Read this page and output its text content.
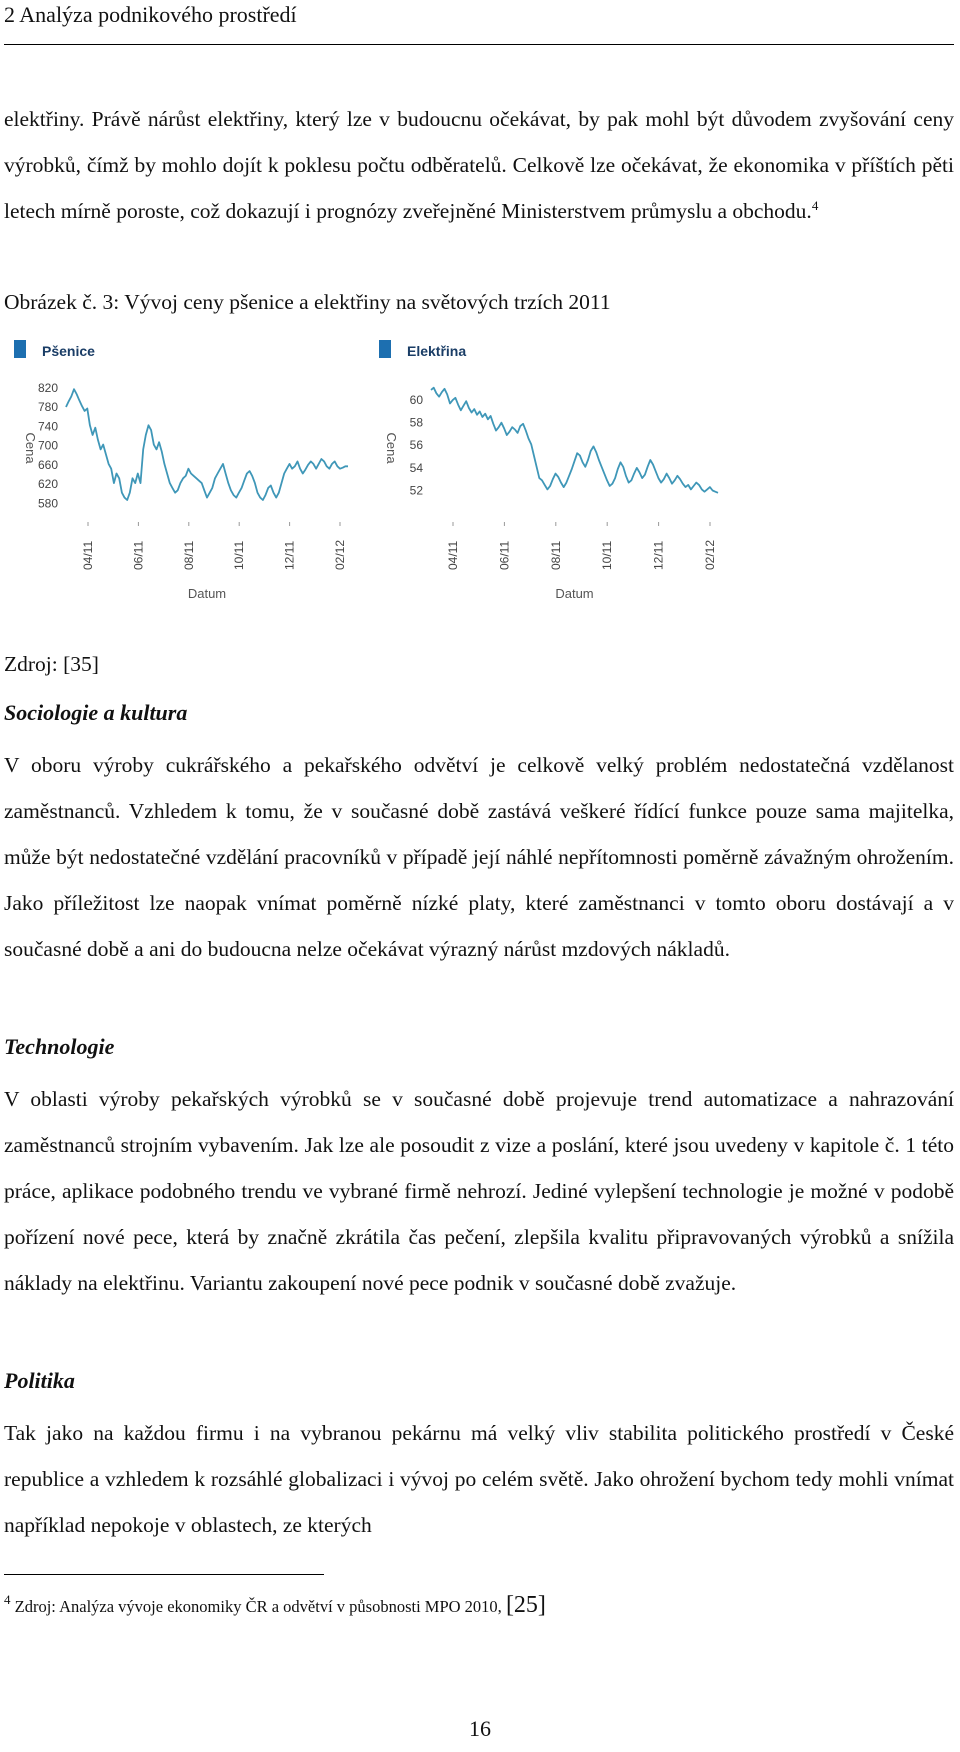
2 Analýza podnikového prostředí
elektřiny. Právě nárůst elektřiny, který lze v budoucnu očekávat, by pak mohl být důvodem zvyšování ceny výrobků, čímž by mohlo dojít k poklesu počtu odběratelů. Celkově lze očekávat, že ekonomika v příštích pěti letech mírně poroste, což dokazují i prognózy zveřejněné Ministerstvem průmyslu a obchodu.$^4$
Obrázek č. 3: Vývoj ceny pšenice a elektřiny na světových trzích 2011
Pšenice
Cena
820
780
740
700
660
620
580
04/11	06/11	08/11	10/11	12/11	02/12
Datum
Elektřina
Cena
60
58
56
54
52
04/11	06/11	08/11	10/11	12/11	02/12
Datum
Zdroj: [35]
Sociologie a kultura
V oboru výroby cukrářského a pekařského odvětví je celkově velký problém nedostatečná vzdělanost zaměstnanců. Vzhledem k tomu, že v současné době zastává veškeré řídící funkce pouze sama majitelka, může být nedostatečné vzdělání pracovníků v případě její náhlé nepřítomnosti poměrně závažným ohrožením. Jako příležitost lze naopak vnímat poměrně nízké platy, které zaměstnanci v tomto oboru dostávají a v současné době a ani do budoucna nelze očekávat výrazný nárůst mzdových nákladů.
Technologie
V oblasti výroby pekařských výrobků se v současné době projevuje trend automatizace a nahrazování zaměstnanců strojním vybavením. Jak lze ale posoudit z vize a poslání, které jsou uvedeny v kapitole č. 1 této práce, aplikace podobného trendu ve vybrané firmě nehrozí. Jediné vylepšení technologie je možné v podobě pořízení nové pece, která by značně zkrátila čas pečení, zlepšila kvalitu připravovaných výrobků a snížila náklady na elektřinu. Variantu zakoupení nové pece podnik v současné době zvažuje.
Politika
Tak jako na každou firmu i na vybranou pekárnu má velký vliv stabilita politického prostředí v České republice a vzhledem k rozsáhlé globalizaci i vývoj po celém světě. Jako ohrožení bychom tedy mohli vnímat například nepokoje v oblastech, ze kterých
$^4$ Zdroj: Analýza vývoje ekonomiky ČR a odvětví v působnosti MPO 2010, [25]
16
